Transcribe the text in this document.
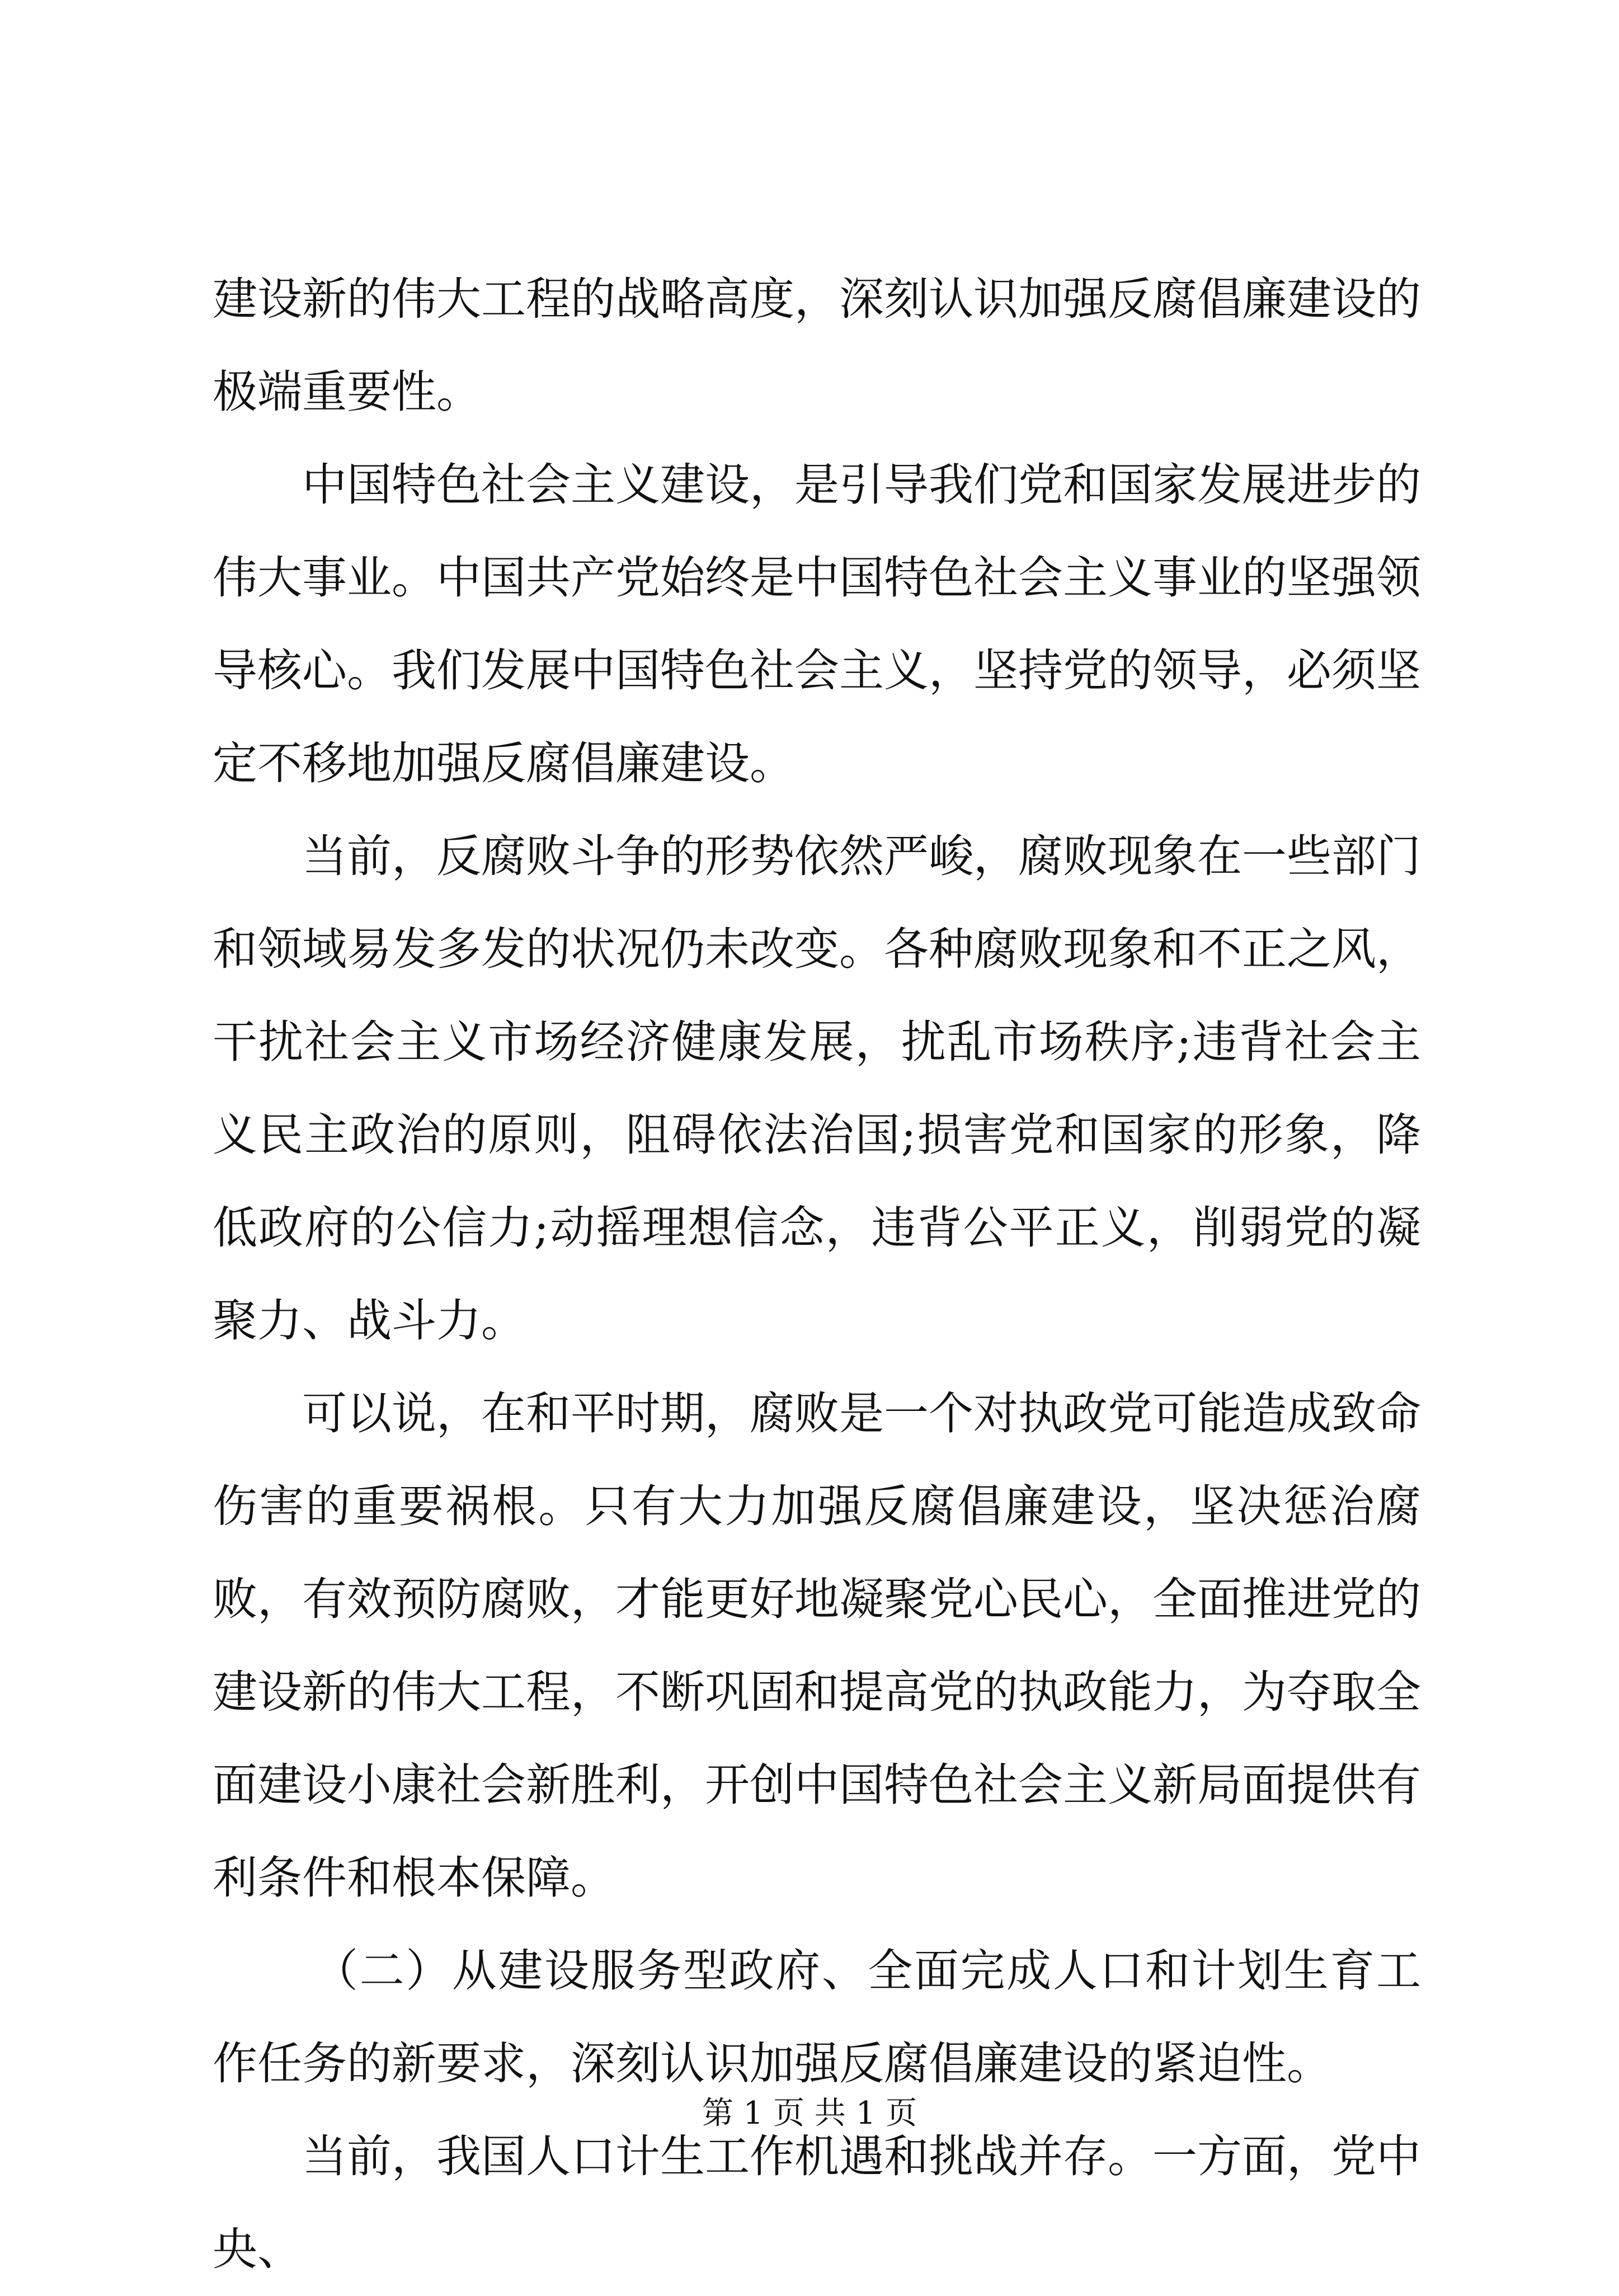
建设新的伟大工程的战略高度，深刻认识加强反腐倡廉建设的极端重要性。

中国特色社会主义建设，是引导我们党和国家发展进步的伟大事业。中国共产党始终是中国特色社会主义事业的坚强领导核心。我们发展中国特色社会主义，坚持党的领导，必须坚定不移地加强反腐倡廉建设。

当前，反腐败斗争的形势依然严峻，腐败现象在一些部门和领域易发多发的状况仍未改变。各种腐败现象和不正之风，干扰社会主义市场经济健康发展，扰乱市场秩序;违背社会主义民主政治的原则，阻碍依法治国;损害党和国家的形象，降低政府的公信力;动摇理想信念，违背公平正义，削弱党的凝聚力、战斗力。

可以说，在和平时期，腐败是一个对执政党可能造成致命伤害的重要祸根。只有大力加强反腐倡廉建设，坚决惩治腐败，有效预防腐败，才能更好地凝聚党心民心，全面推进党的建设新的伟大工程，不断巩固和提高党的执政能力，为夺取全面建设小康社会新胜利，开创中国特色社会主义新局面提供有利条件和根本保障。

（二）从建设服务型政府、全面完成人口和计划生育工作任务的新要求，深刻认识加强反腐倡廉建设的紧迫性。

当前，我国人口计生工作机遇和挑战并存。一方面，党中央、

第 1 页 共 1 页
